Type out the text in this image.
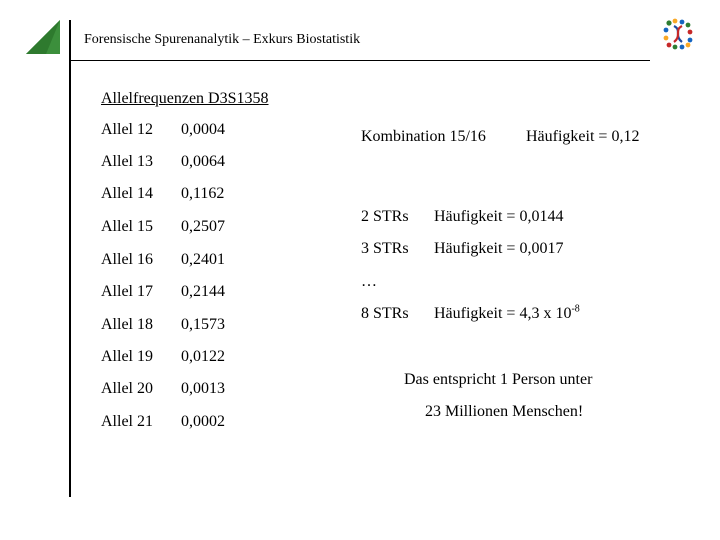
Forensische Spurenanalytik – Exkurs Biostatistik
Allelfrequenzen D3S1358
Allel 12 0,0004
Allel 13 0,0064
Allel 14 0,1162
Allel 15 0,2507
Allel 16 0,2401
Allel 17 0,2144
Allel 18 0,1573
Allel 19 0,0122
Allel 20 0,0013
Allel 21 0,0002
Kombination 15/16	Häufigkeit = 0,12
2 STRs Häufigkeit = 0,0144
3 STRs Häufigkeit = 0,0017
…
8 STRs Häufigkeit = 4,3 x $10^{-8}$
Das entspricht 1 Person unter
23 Millionen Menschen!
